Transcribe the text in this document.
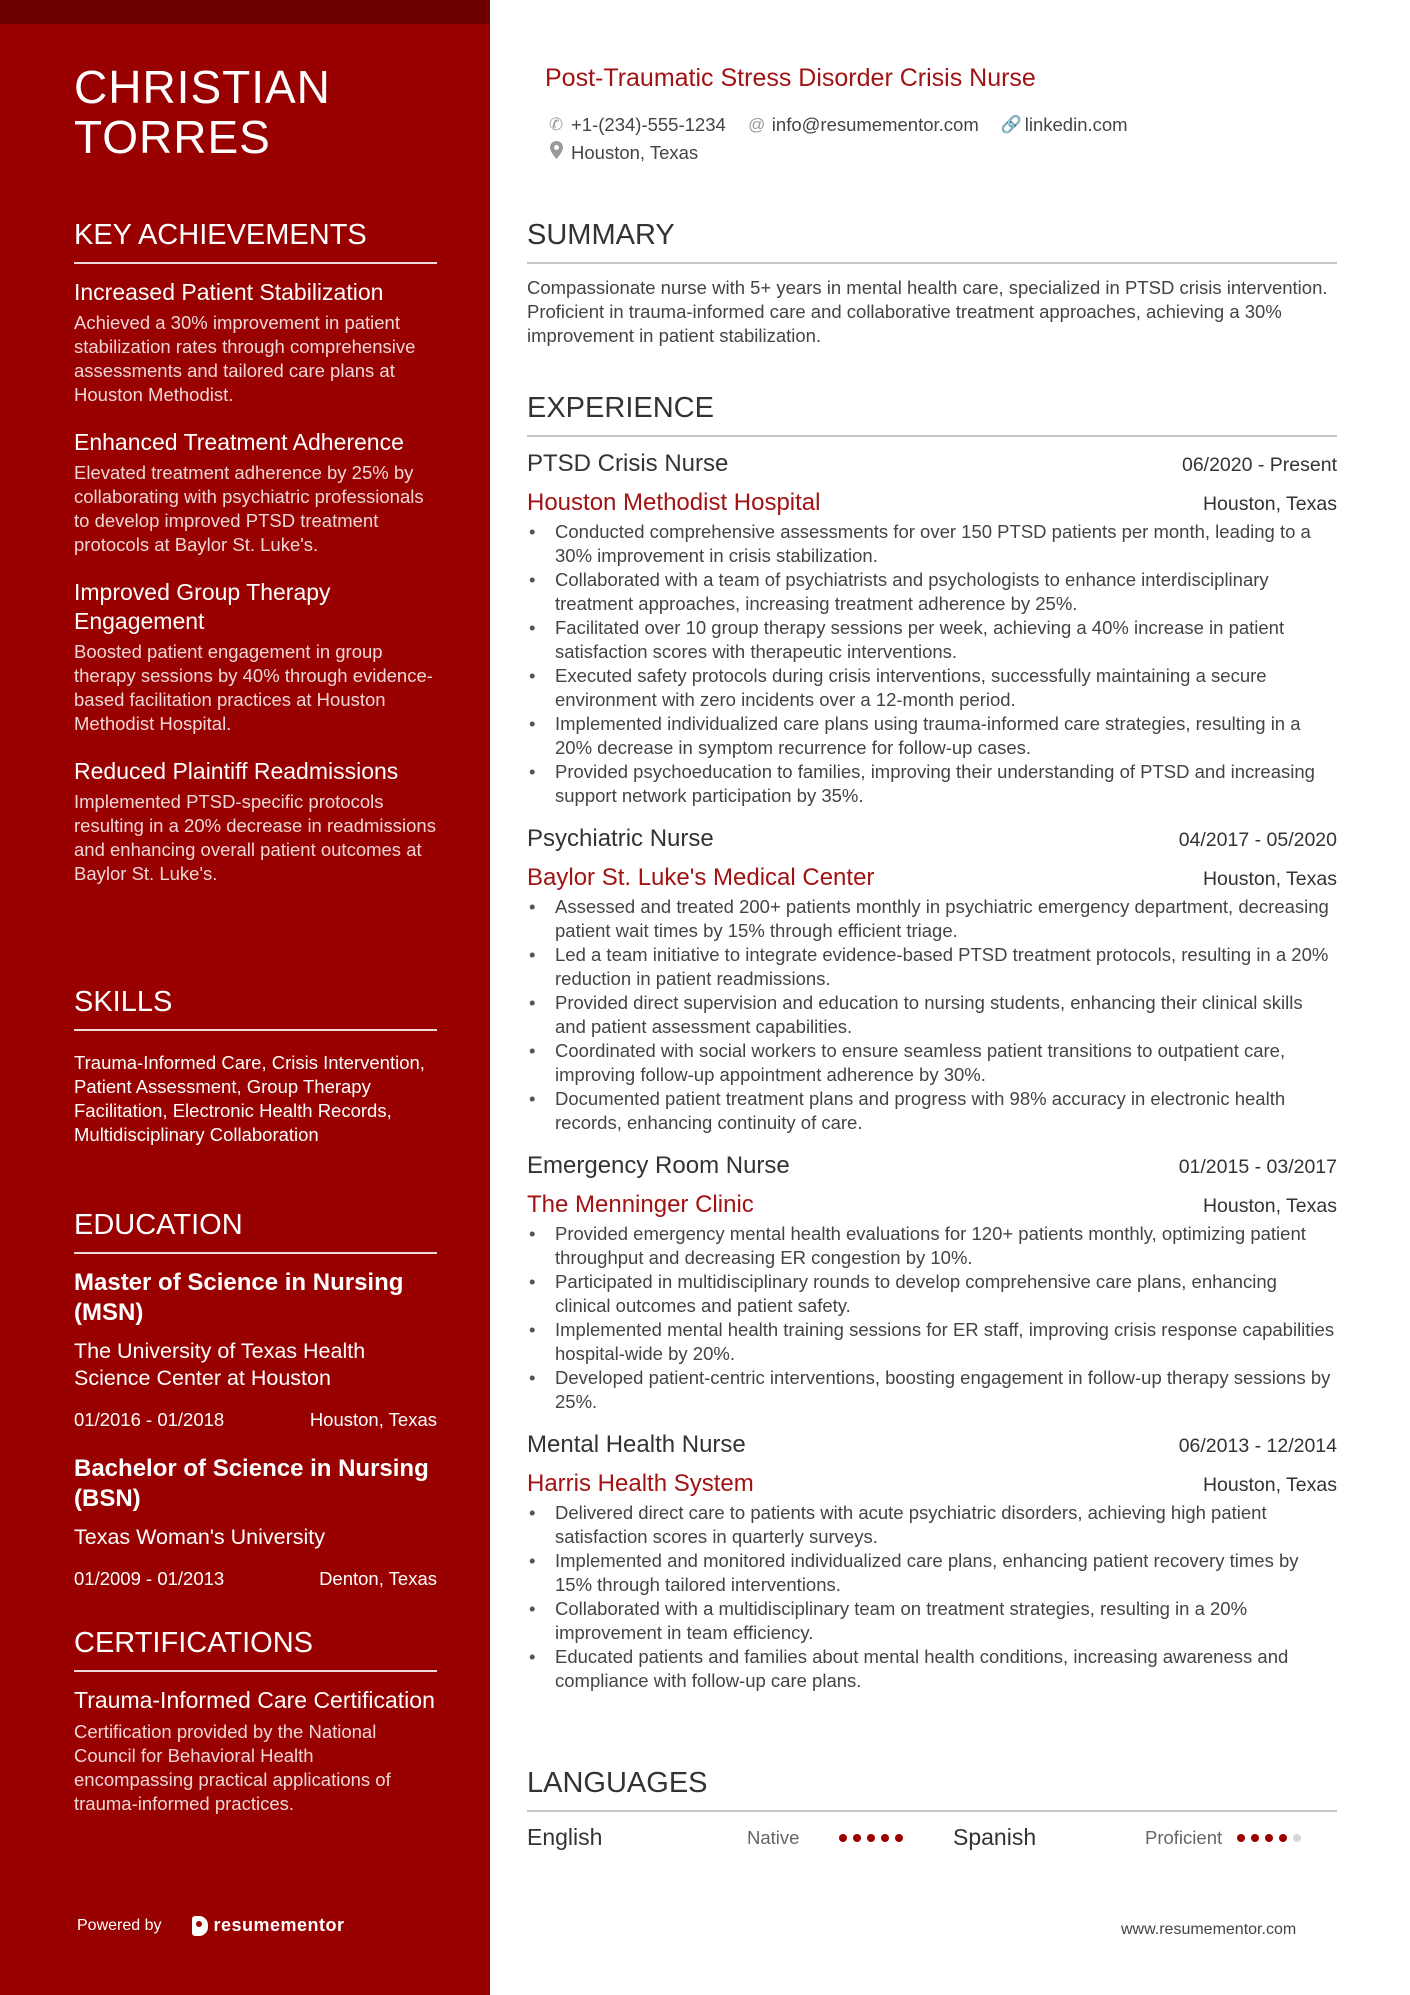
CHRISTIAN TORRES
KEY ACHIEVEMENTS
Increased Patient Stabilization
Achieved a 30% improvement in patient stabilization rates through comprehensive assessments and tailored care plans at Houston Methodist.
Enhanced Treatment Adherence
Elevated treatment adherence by 25% by collaborating with psychiatric professionals to develop improved PTSD treatment protocols at Baylor St. Luke's.
Improved Group Therapy Engagement
Boosted patient engagement in group therapy sessions by 40% through evidence-based facilitation practices at Houston Methodist Hospital.
Reduced Plaintiff Readmissions
Implemented PTSD-specific protocols resulting in a 20% decrease in readmissions and enhancing overall patient outcomes at Baylor St. Luke's.
SKILLS
Trauma-Informed Care, Crisis Intervention, Patient Assessment, Group Therapy Facilitation, Electronic Health Records, Multidisciplinary Collaboration
EDUCATION
Master of Science in Nursing (MSN)
The University of Texas Health Science Center at Houston
01/2016 - 01/2018	Houston, Texas
Bachelor of Science in Nursing (BSN)
Texas Woman's University
01/2009 - 01/2013	Denton, Texas
CERTIFICATIONS
Trauma-Informed Care Certification
Certification provided by the National Council for Behavioral Health encompassing practical applications of trauma-informed practices.
Powered by	resumementor
Post-Traumatic Stress Disorder Crisis Nurse
✆ +1-(234)-555-1234 @ info@resumementor.com 🔗 linkedin.com
Houston, Texas
SUMMARY
Compassionate nurse with 5+ years in mental health care, specialized in PTSD crisis intervention. Proficient in trauma-informed care and collaborative treatment approaches, achieving a 30% improvement in patient stabilization.
EXPERIENCE
PTSD Crisis Nurse	06/2020 - Present
Houston Methodist Hospital	Houston, Texas
• Conducted comprehensive assessments for over 150 PTSD patients per month, leading to a 30% improvement in crisis stabilization.
• Collaborated with a team of psychiatrists and psychologists to enhance interdisciplinary treatment approaches, increasing treatment adherence by 25%.
• Facilitated over 10 group therapy sessions per week, achieving a 40% increase in patient satisfaction scores with therapeutic interventions.
• Executed safety protocols during crisis interventions, successfully maintaining a secure environment with zero incidents over a 12-month period.
• Implemented individualized care plans using trauma-informed care strategies, resulting in a 20% decrease in symptom recurrence for follow-up cases.
• Provided psychoeducation to families, improving their understanding of PTSD and increasing support network participation by 35%.
Psychiatric Nurse	04/2017 - 05/2020
Baylor St. Luke's Medical Center	Houston, Texas
• Assessed and treated 200+ patients monthly in psychiatric emergency department, decreasing patient wait times by 15% through efficient triage.
• Led a team initiative to integrate evidence-based PTSD treatment protocols, resulting in a 20% reduction in patient readmissions.
• Provided direct supervision and education to nursing students, enhancing their clinical skills and patient assessment capabilities.
• Coordinated with social workers to ensure seamless patient transitions to outpatient care, improving follow-up appointment adherence by 30%.
• Documented patient treatment plans and progress with 98% accuracy in electronic health records, enhancing continuity of care.
Emergency Room Nurse	01/2015 - 03/2017
The Menninger Clinic	Houston, Texas
• Provided emergency mental health evaluations for 120+ patients monthly, optimizing patient throughput and decreasing ER congestion by 10%.
• Participated in multidisciplinary rounds to develop comprehensive care plans, enhancing clinical outcomes and patient safety.
• Implemented mental health training sessions for ER staff, improving crisis response capabilities hospital-wide by 20%.
• Developed patient-centric interventions, boosting engagement in follow-up therapy sessions by 25%.
Mental Health Nurse	06/2013 - 12/2014
Harris Health System	Houston, Texas
• Delivered direct care to patients with acute psychiatric disorders, achieving high patient satisfaction scores in quarterly surveys.
• Implemented and monitored individualized care plans, enhancing patient recovery times by 15% through tailored interventions.
• Collaborated with a multidisciplinary team on treatment strategies, resulting in a 20% improvement in team efficiency.
• Educated patients and families about mental health conditions, increasing awareness and compliance with follow-up care plans.
LANGUAGES
English	Native	Spanish	Proficient
www.resumementor.com
